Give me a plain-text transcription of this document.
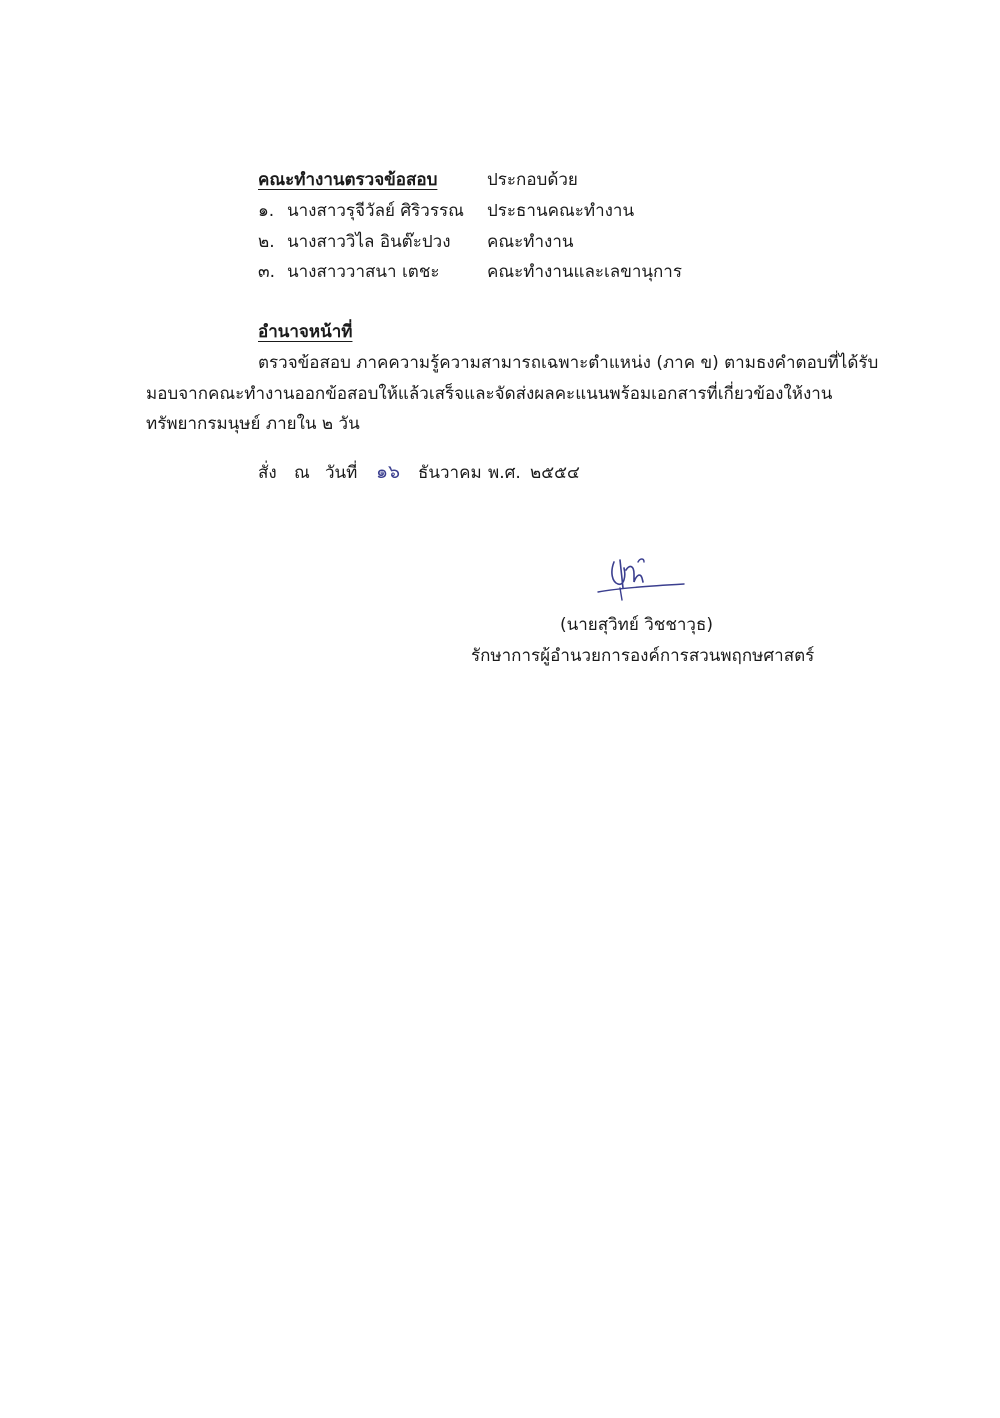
คณะทำงานตรวจข้อสอบ	ประกอบด้วย
๑. นางสาวรุจีวัลย์ ศิริวรรณ ประธานคณะทำงาน
๒. นางสาววิไล อินต๊ะปวง คณะทำงาน
๓. นางสาววาสนา เตชะ	คณะทำงานและเลขานุการ
อำนาจหน้าที่
ตรวจข้อสอบ ภาคความรู้ความสามารถเฉพาะตำแหน่ง (ภาค ข) ตามธงคำตอบที่ได้รับ
มอบจากคณะทำงานออกข้อสอบให้แล้วเสร็จและจัดส่งผลคะแนนพร้อมเอกสารที่เกี่ยวข้องให้งาน
ทรัพยากรมนุษย์ ภายใน ๒ วัน
สั่ง ณ วันที่ ๑๖ ธันวาคม พ.ศ. ๒๕๕๔
(นายสุวิทย์ วิชชาวุธ)
รักษาการผู้อำนวยการองค์การสวนพฤกษศาสตร์
